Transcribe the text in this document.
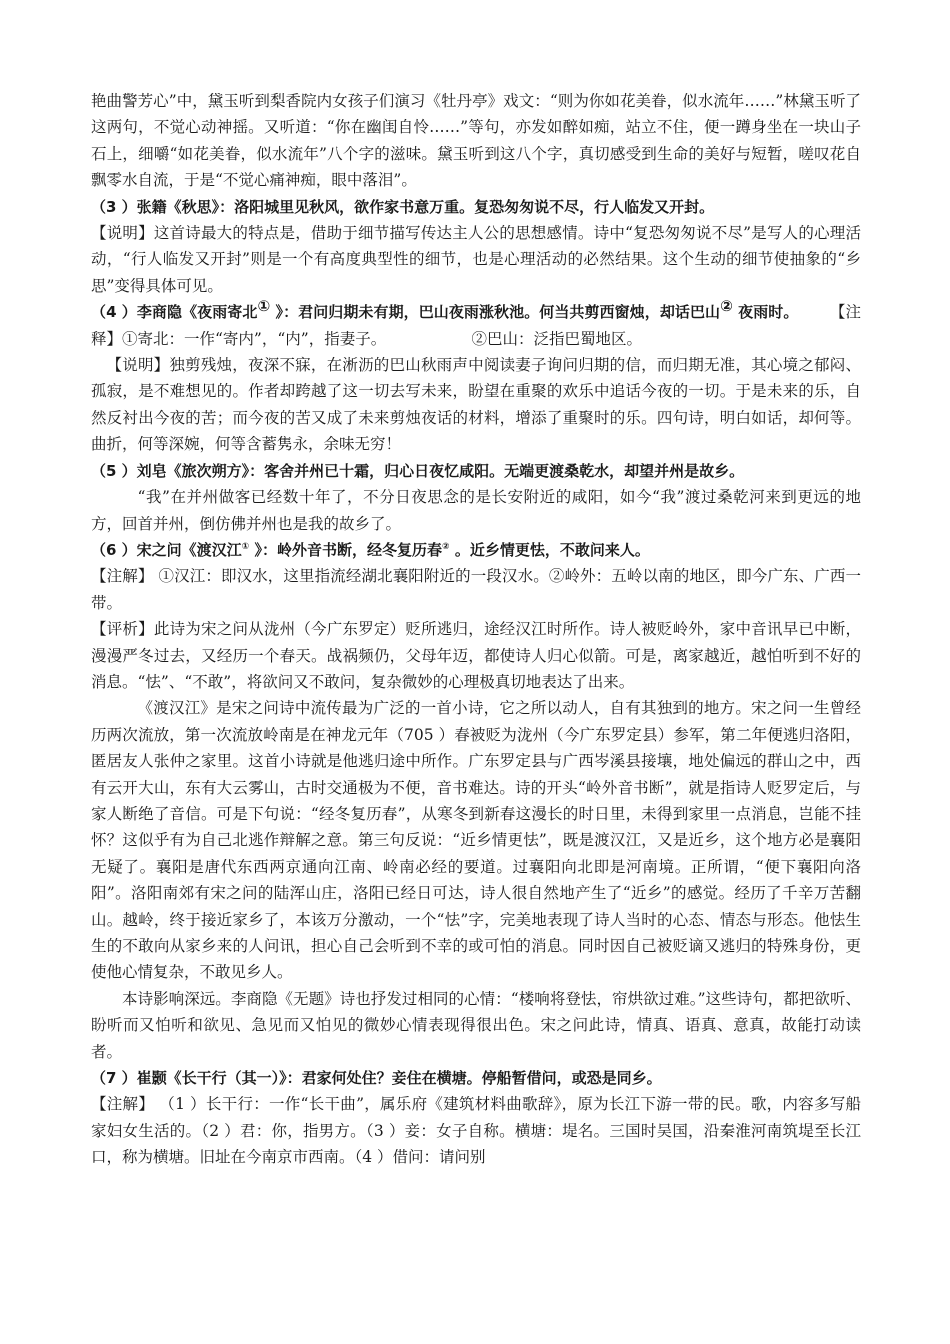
艳曲警芳心”中，黛玉听到梨香院内女孩子们演习《牡丹亭》戏文：“则为你如花美眷，似水流年……”林黛玉听了这两句，不觉心动神摇。又听道：“你在幽闺自怜……”等句，亦发如醉如痴，站立不住，便一蹲身坐在一块山子石上，细嚼“如花美眷，似水流年”八个字的滋味。黛玉听到这八个字，真切感受到生命的美好与短暂，嗟叹花自飘零水自流，于是“不觉心痛神痴，眼中落泪”。

（3 ）张籍《秋思》：洛阳城里见秋风，欲作家书意万重。复恐匆匆说不尽，行人临发又开封。

【说明】这首诗最大的特点是，借助于细节描写传达主人公的思想感情。诗中“复恐匆匆说不尽”是写人的心理活动，“行人临发又开封”则是一个有高度典型性的细节，也是心理活动的必然结果。这个生动的细节使抽象的“乡思”变得具体可见。

（4 ）李商隐《夜雨寄北① 》：君问归期未有期，巴山夜雨涨秋池。何当共剪西窗烛，却话巴山② 夜雨时。　　　	【注释】①寄北：一作“寄内”，“内”，指妻子。　　　　　　	②巴山：泛指巴蜀地区。

【说明】独剪残烛，夜深不寐，在淅沥的巴山秋雨声中阅读妻子询问归期的信，而归期无准，其心境之郁闷、孤寂，是不难想见的。作者却跨越了这一切去写未来，盼望在重聚的欢乐中追话今夜的一切。于是未来的乐，自然反衬出今夜的苦；而今夜的苦又成了未来剪烛夜话的材料，增添了重聚时的乐。四句诗，明白如话，却何等。曲折，何等深婉，何等含蓄隽永，余味无穷！

（5 ）刘皂《旅次朔方》：客舍并州已十霜，归心日夜忆咸阳。无端更渡桑乾水，却望并州是故乡。

“我”在并州做客已经数十年了，不分日夜思念的是长安附近的咸阳，如今“我”渡过桑乾河来到更远的地方，回首并州，倒仿佛并州也是我的故乡了。

（6 ）宋之问《渡汉江① 》：岭外音书断，经冬复历春② 。近乡情更怯，不敢问来人。

【注解】 ①汉江：即汉水，这里指流经湖北襄阳附近的一段汉水。②岭外：五岭以南的地区，即今广东、广西一带。

【评析】此诗为宋之问从泷州（今广东罗定）贬所逃归，途经汉江时所作。诗人被贬岭外，家中音讯早已中断，漫漫严冬过去，又经历一个春天。战祸频仍，父母年迈，都使诗人归心似箭。可是，离家越近，越怕听到不好的消息。“怯”、“不敢”，将欲问又不敢问，复杂微妙的心理极真切地表达了出来。

《渡汉江》是宋之问诗中流传最为广泛的一首小诗，它之所以动人，自有其独到的地方。宋之问一生曾经历两次流放，第一次流放岭南是在神龙元年（705 ）春被贬为泷州（今广东罗定县）参军，第二年便逃归洛阳，匿居友人张仲之家里。这首小诗就是他逃归途中所作。广东罗定县与广西岑溪县接壤，地处偏远的群山之中，西有云开大山，东有大云雾山，古时交通极为不便，音书难达。诗的开头“岭外音书断”，就是指诗人贬罗定后，与家人断绝了音信。可是下句说：“经冬复历春”，从寒冬到新春这漫长的时日里，未得到家里一点消息，岂能不挂怀？这似乎有为自己北逃作辩解之意。第三句反说：“近乡情更怯”，既是渡汉江，又是近乡，这个地方必是襄阳无疑了。襄阳是唐代东西两京通向江南、岭南必经的要道。过襄阳向北即是河南境。正所谓，“便下襄阳向洛阳”。洛阳南郊有宋之问的陆浑山庄，洛阳已经日可达，诗人很自然地产生了“近乡”的感觉。经历了千辛万苦翻山。越岭，终于接近家乡了，本该万分激动，一个“怯”字，完美地表现了诗人当时的心态、情态与形态。他怯生生的不敢向从家乡来的人问讯，担心自己会听到不幸的或可怕的消息。同时因自己被贬谪又逃归的特殊身份，更使他心情复杂，不敢见乡人。

本诗影响深远。李商隐《无题》诗也抒发过相同的心情：“楼响将登怯，帘烘欲过难。”这些诗句，都把欲听、盼听而又怕听和欲见、急见而又怕见的微妙心情表现得很出色。宋之问此诗，情真、语真、意真，故能打动读者。

（7 ）崔颢《长干行（其一）》：君家何处住？妾住在横塘。停船暂借问，或恐是同乡。

【注解】 （1 ）长干行：一作“长干曲”，属乐府《建筑材料曲歌辞》，原为长江下游一带的民。歌，内容多写船家妇女生活的。（2 ）君：你，指男方。（3 ）妾：女子自称。横塘：堤名。三国时吴国，沿秦淮河南筑堤至长江口，称为横塘。旧址在今南京市西南。（4 ）借问：请问别
